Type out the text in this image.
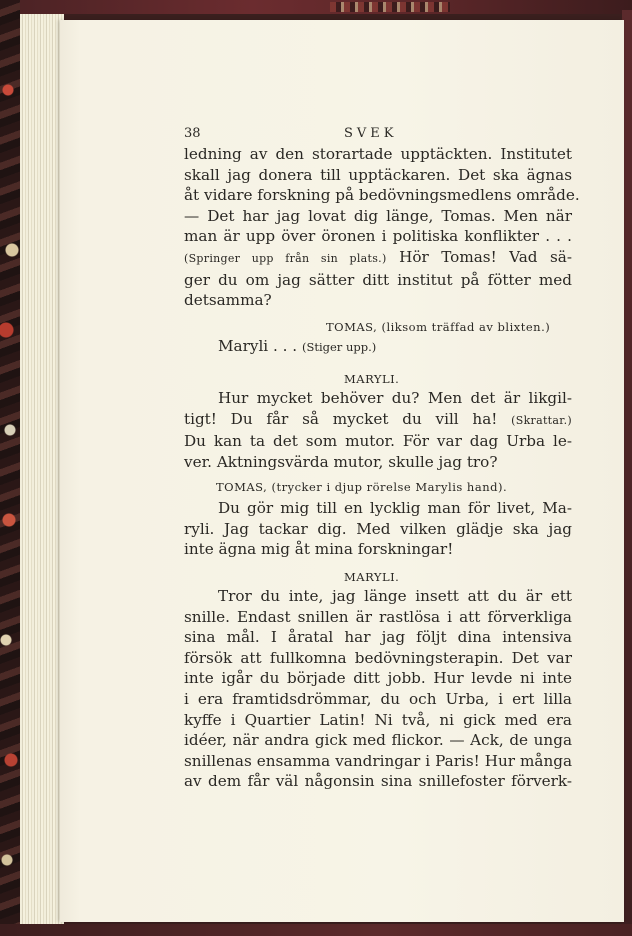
38	SVEK
ledning av den storartade upptäckten. Institutet
skall jag donera till upptäckaren. Det ska ägnas
åt vidare forskning på bedövningsmedlens område.
— Det har jag lovat dig länge, Tomas. Men när
man är upp över öronen i politiska konflikter . . .
(Springer upp från sin plats.) Hör Tomas! Vad sä-
ger du om jag sätter ditt institut på fötter med
detsamma?
TOMAS, (liksom träffad av blixten.)
Maryli . . . (Stiger upp.)
MARYLI.
Hur mycket behöver du? Men det är likgil-
tigt! Du får så mycket du vill ha! (Skrattar.)
Du kan ta det som mutor. För var dag Urba le-
ver. Aktningsvärda mutor, skulle jag tro?
TOMAS, (trycker i djup rörelse Marylis hand).
Du gör mig till en lycklig man för livet, Ma-
ryli. Jag tackar dig. Med vilken glädje ska jag
inte ägna mig åt mina forskningar!
MARYLI.
Tror du inte, jag länge insett att du är ett
snille. Endast snillen är rastlösa i att förverkliga
sina mål. I åratal har jag följt dina intensiva
försök att fullkomna bedövningsterapin. Det var
inte igår du började ditt jobb. Hur levde ni inte
i era framtidsdrömmar, du och Urba, i ert lilla
kyffe i Quartier Latin! Ni två, ni gick med era
idéer, när andra gick med flickor. — Ack, de unga
snillenas ensamma vandringar i Paris! Hur många
av dem får väl någonsin sina snillefoster förverk-
